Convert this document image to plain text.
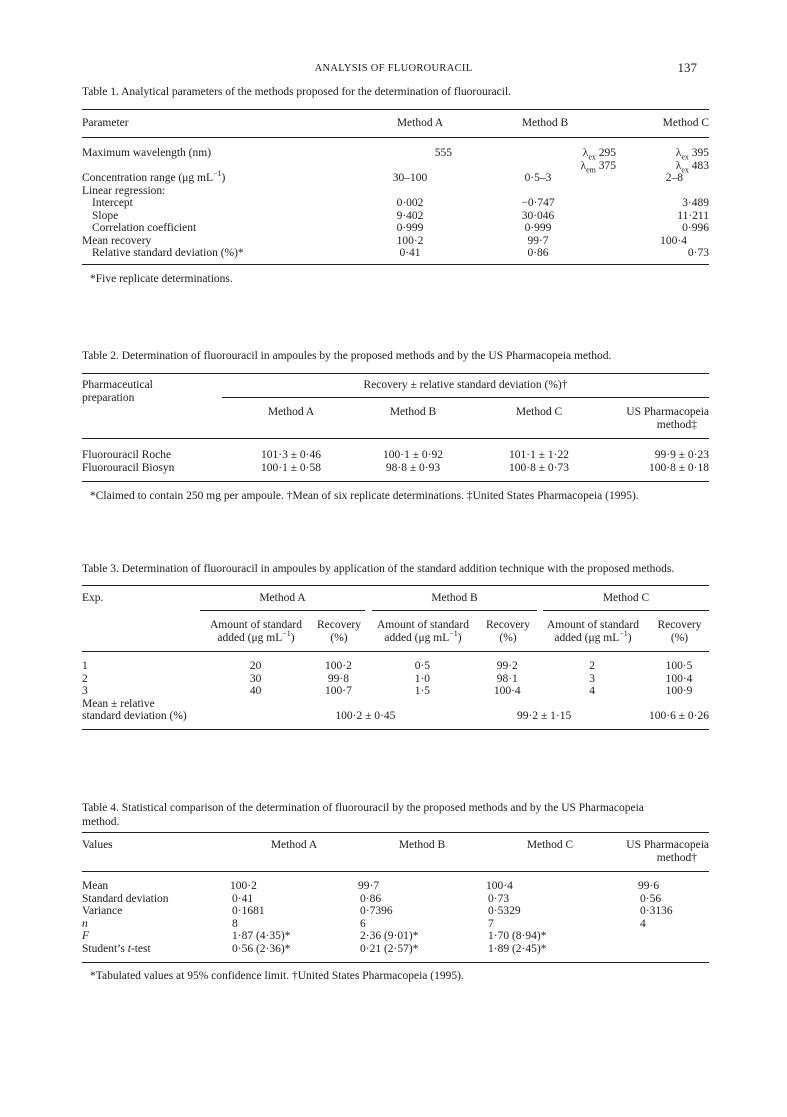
ANALYSIS OF FLUOROURACIL	137
Table 1. Analytical parameters of the methods proposed for the determination of fluorouracil.
Parameter	Method A	Method B	Method C
Maximum wavelength (nm)	555	$\lambda_{ex}$ 295	$\lambda_{ex}$ 395
		$\lambda_{em}$ 375	$\lambda_{ex}$ 483
Concentration range (μg $mL^{-1}$)	30–100	0·5–3	2–8
Linear regression:			
Intercept	0·002	−0·747	3·489
Slope	9·402	30·046	11·211
Correlation coefficient	0·999	0·999	0·996
Mean recovery	100·2	99·7	100·4
Relative standard deviation (%)*	0·41	0·86	0·73
*Five replicate determinations.
Table 2. Determination of fluorouracil in ampoules by the proposed methods and by the US Pharmacopeia method.
Pharmaceutical
preparation
Recovery ± relative standard deviation (%)†
	Method A	Method B	Method C	US Pharmacopeia
				method‡
Fluorouracil Roche	101·3 ± 0·46	100·1 ± 0·92	101·1 ± 1·22	99·9 ± 0·23
Fluorouracil Biosyn	100·1 ± 0·58	98·8 ± 0·93	100·8 ± 0·73	100·8 ± 0·18
*Claimed to contain 250 mg per ampoule. †Mean of six replicate determinations. ‡United States Pharmacopeia (1995).
Table 3. Determination of fluorouracil in ampoules by application of the standard addition technique with the proposed methods.
Exp.	Method A	Method B	Method C
	Amount of standard	Recovery	Amount of standard	Recovery	Amount of standard	Recovery
	added (μg $mL^{-1}$)	(%)	added (μg $mL^{-1}$)	(%)	added (μg $mL^{-1}$)	(%)
1	20	100·2	0·5	99·2	2	100·5
2	30	99·8	1·0	98·1	3	100·4
3	40	100·7	1·5	100·4	4	100·9
Mean ± relative						
standard deviation (%)		100·2 ± 0·45		99·2 ± 1·15		100·6 ± 0·26
Table 4. Statistical comparison of the determination of fluorouracil by the proposed methods and by the US Pharmacopeia
method.
Values	Method A	Method B	Method C	US Pharmacopeia
				method†
Mean	100·2	99·7	100·4	99·6
Standard deviation	0·41	0·86	0·73	0·56
Variance	0·1681	0·7396	0·5329	0·3136
n	8	6	7	4
F	1·87 (4·35)*	2·36 (9·01)*	1·70 (8·94)*	
Student’s t-test	0·56 (2·36)*	0·21 (2·57)*	1·89 (2·45)*	
*Tabulated values at 95% confidence limit. †United States Pharmacopeia (1995).
